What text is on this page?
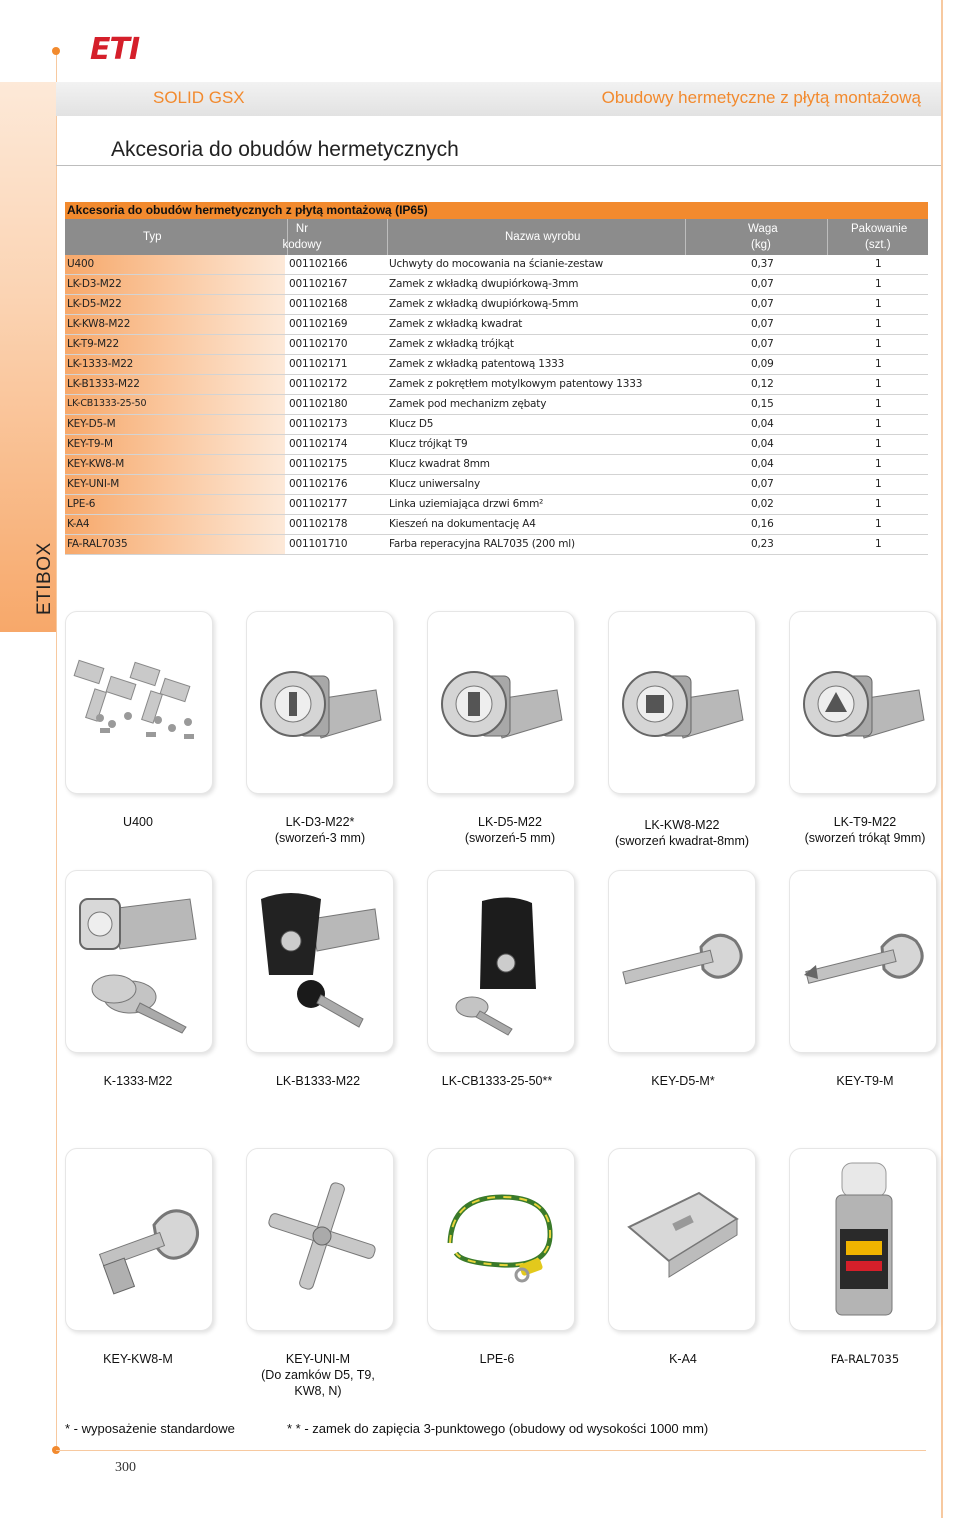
ETI
ETIBOX
SOLID GSX	Obudowy hermetyczne z płytą montażową
Akcesoria do obudów hermetycznych
Akcesoria do obudów hermetycznych z płytą montażową (IP65)
Typ
Nr
kodowy
Nazwa wyrobu
Waga
(kg)
Pakowanie
(szt.)
U400	001102166	Uchwyty do mocowania na ścianie-zestaw	0,37	1
LK-D3-M22	001102167	Zamek z wkładką dwupiórkową-3mm	0,07	1
LK-D5-M22	001102168	Zamek z wkładką dwupiórkową-5mm	0,07	1
LK-KW8-M22	001102169	Zamek z wkładką kwadrat	0,07	1
LK-T9-M22	001102170	Zamek z wkładką trójkąt	0,07	1
LK-1333-M22	001102171	Zamek z wkładką patentową 1333	0,09	1
LK-B1333-M22	001102172	Zamek z pokrętłem motylkowym patentowy 1333	0,12	1
LK-CB1333-25-50	001102180	Zamek pod mechanizm zębaty	0,15	1
KEY-D5-M	001102173	Klucz D5	0,04	1
KEY-T9-M	001102174	Klucz trójkąt T9	0,04	1
KEY-KW8-M	001102175	Klucz kwadrat 8mm	0,04	1
KEY-UNI-M	001102176	Klucz uniwersalny	0,07	1
LPE-6	001102177	Linka uziemiająca drzwi 6mm²	0,02	1
K-A4	001102178	Kieszeń na dokumentację A4	0,16	1
FA-RAL7035	001101710	Farba reperacyjna RAL7035 (200 ml)	0,23	1
U400	LK-D3-M22*
(sworzeń-3 mm)
LK-D5-M22
(sworzeń-5 mm)
LK-KW8-M22
(sworzeń kwadrat-8mm)
LK-T9-M22
(sworzeń trókąt 9mm)
K-1333-M22	LK-B1333-M22	LK-CB1333-25-50**	KEY-D5-M*	KEY-T9-M
KEY-KW8-M	KEY-UNI-M
(Do zamków D5, T9,
KW8, N)
LPE-6	K-A4	FA-RAL7035
* - wyposażenie standardowe	* * - zamek do zapięcia 3-punktowego (obudowy od wysokości 1000 mm)
300
